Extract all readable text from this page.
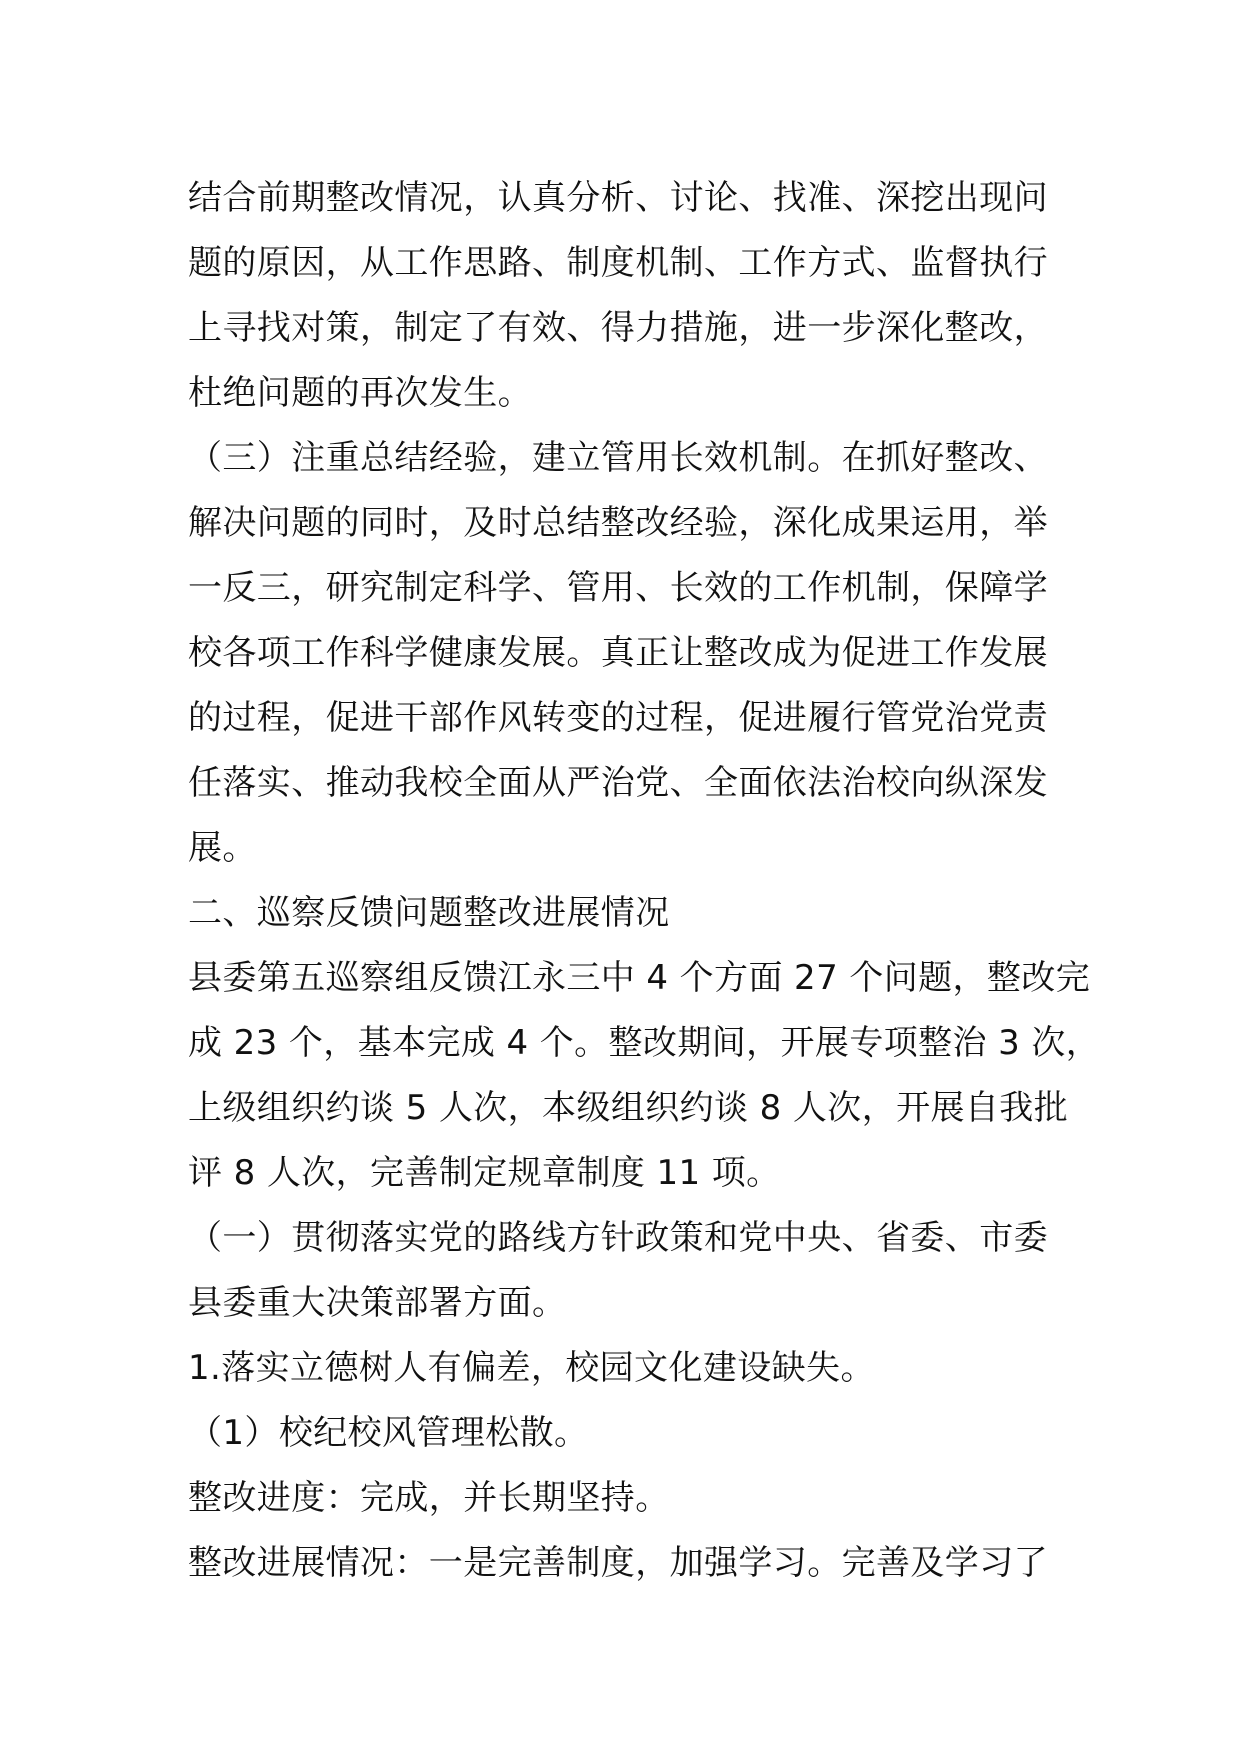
结合前期整改情况，认真分析、讨论、找准、深挖出现问
题的原因，从工作思路、制度机制、工作方式、监督执行
上寻找对策，制定了有效、得力措施，进一步深化整改，
杜绝问题的再次发生。
（三）注重总结经验，建立管用长效机制。在抓好整改、
解决问题的同时，及时总结整改经验，深化成果运用，举
一反三，研究制定科学、管用、长效的工作机制，保障学
校各项工作科学健康发展。真正让整改成为促进工作发展
的过程，促进干部作风转变的过程，促进履行管党治党责
任落实、推动我校全面从严治党、全面依法治校向纵深发
展。
二、巡察反馈问题整改进展情况
县委第五巡察组反馈江永三中 4 个方面 27 个问题，整改完
成 23 个，基本完成 4 个。整改期间，开展专项整治 3 次，
上级组织约谈 5 人次，本级组织约谈 8 人次，开展自我批
评 8 人次，完善制定规章制度 11 项。
（一）贯彻落实党的路线方针政策和党中央、省委、市委
县委重大决策部署方面。
1.落实立德树人有偏差，校园文化建设缺失。
（1）校纪校风管理松散。
整改进度：完成，并长期坚持。
整改进展情况：一是完善制度，加强学习。完善及学习了
